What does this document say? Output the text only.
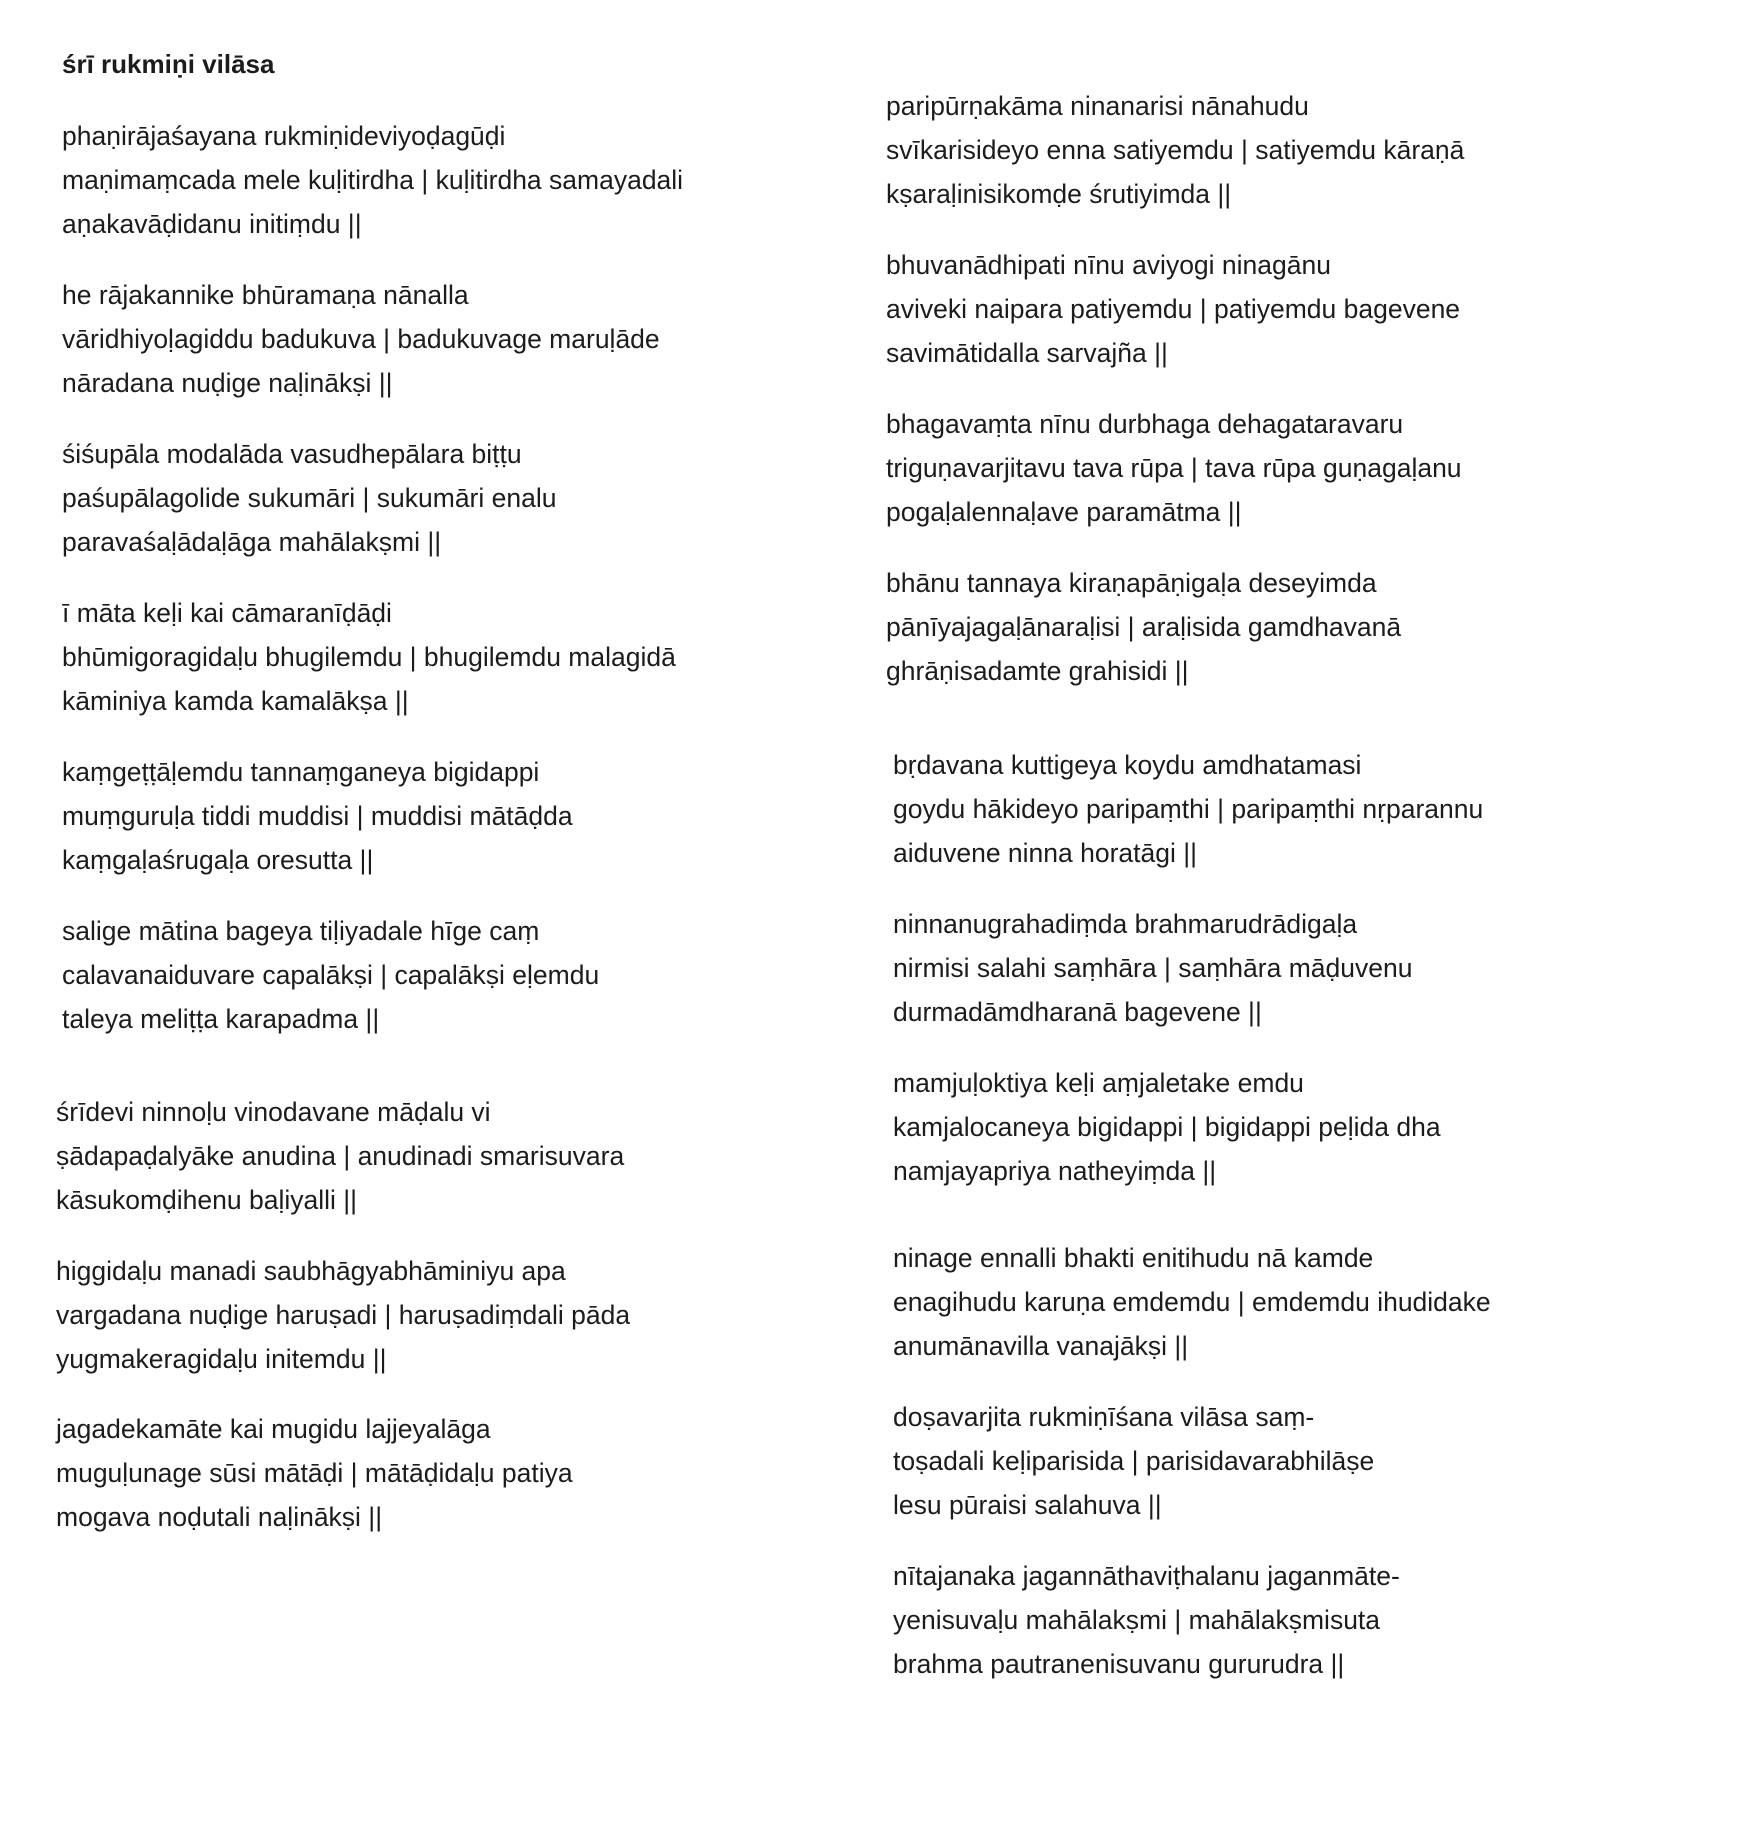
śrī rukmiṇi vilāsa
phaṇirājaśayana rukmiṇideviyoḍagūḍi
maṇimaṃcada mele kuḷitirdha | kuḷitirdha samayadali
aṇakavāḍidanu initiṃdu ||
he rājakannike bhūramaṇa nānalla
vāridhiyoḷagiddu badukuva | badukuvage maruḷāde
nāradana nuḍige naḷinākṣi ||
śiśupāla modalāda vasudhepālara biṭṭu
paśupālagolide sukumāri | sukumāri enalu
paravaśaḷādaḷāga mahālakṣmi ||
ī māta keḷi kai cāmaranīḍāḍi
bhūmigoragidaḷu bhugilemdu | bhugilemdu malagidā
kāminiya kamda kamalākṣa ||
kaṃgeṭṭāḷemdu tannaṃganeya bigidappi
muṃguruḷa tiddi muddisi | muddisi mātāḍda
kaṃgaḷaśrugaḷa oresutta ||
salige mātina bageya tiḷiyadale hīge caṃ
calavanaiduvare capalākṣi | capalākṣi eḷemdu
taleya meliṭṭa karapadma ||
śrīdevi ninnoḷu vinodavane māḍalu vi
ṣādapaḍalyāke anudina | anudinadi smarisuvara
kāsukomḍihenu baḷiyalli ||
higgidaḷu manadi saubhāgyabhāminiyu apa
vargadana nuḍige haruṣadi | haruṣadiṃdali pāda
yugmakeragidaḷu initemdu ||
jagadekamāte kai mugidu lajjeyalāga
muguḷunage sūsi mātāḍi | mātāḍidaḷu patiya
mogava noḍutali naḷinākṣi ||
paripūrṇakāma ninanarisi nānahudu
svīkarisideyo enna satiyemdu | satiyemdu kāraṇā
kṣaraḷinisikomḍe śrutiyimda ||
bhuvanādhipati nīnu aviyogi ninagānu
aviveki naipara patiyemdu | patiyemdu bagevene
savimātidalla sarvajña ||
bhagavaṃta nīnu durbhaga dehagataravaru
triguṇavarjitavu tava rūpa | tava rūpa guṇagaḷanu
pogaḷalennaḷave paramātma ||
bhānu tannaya kiraṇapāṇigaḷa deseyimda
pānīyajagaḷānaraḷisi | araḷisida gamdhavanā
ghrāṇisadamte grahisidi ||
bṛdavana kuttigeya koydu amdhatamasi
goydu hākideyo paripaṃthi | paripaṃthi nṛparannu
aiduvene ninna horatāgi ||
ninnanugrahadiṃda brahmarudrādigaḷa
nirmisi salahi saṃhāra | saṃhāra māḍuvenu
durmadāmdharanā bagevene ||
mamjuḷoktiya keḷi aṃjaletake emdu
kamjalocaneya bigidappi | bigidappi peḷida dha
namjayapriya natheyiṃda ||
ninage ennalli bhakti enitihudu nā kamde
enagihudu karuṇa emdemdu | emdemdu ihudidake
anumānavilla vanajākṣi ||
doṣavarjita rukmiṇīśana vilāsa saṃ-
toṣadali keḷiparisida | parisidavarabhilāṣe
lesu pūraisi salahuva ||
nītajanaka jagannāthaviṭhalanu jaganmāte-
yenisuvaḷu mahālakṣmi | mahālakṣmisuta
brahma pautranenisuvanu gururudra ||
